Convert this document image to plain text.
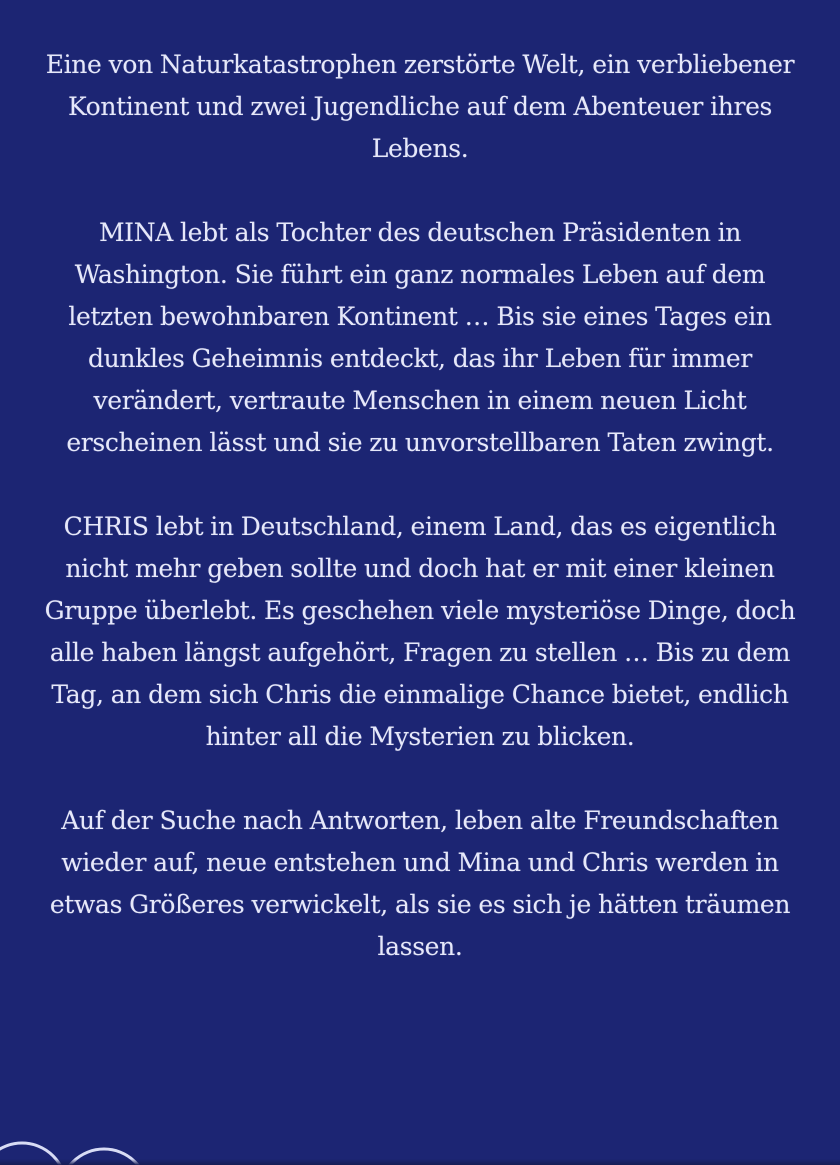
Eine von Naturkatastrophen zerstörte Welt, ein verbliebener
Kontinent und zwei Jugendliche auf dem Abenteuer ihres
Lebens.

MINA lebt als Tochter des deutschen Präsidenten in
Washington. Sie führt ein ganz normales Leben auf dem
letzten bewohnbaren Kontinent … Bis sie eines Tages ein
dunkles Geheimnis entdeckt, das ihr Leben für immer
verändert, vertraute Menschen in einem neuen Licht
erscheinen lässt und sie zu unvorstellbaren Taten zwingt.

CHRIS lebt in Deutschland, einem Land, das es eigentlich
nicht mehr geben sollte und doch hat er mit einer kleinen
Gruppe überlebt. Es geschehen viele mysteriöse Dinge, doch
alle haben längst aufgehört, Fragen zu stellen … Bis zu dem
Tag, an dem sich Chris die einmalige Chance bietet, endlich
hinter all die Mysterien zu blicken.

Auf der Suche nach Antworten, leben alte Freundschaften
wieder auf, neue entstehen und Mina und Chris werden in
etwas Größeres verwickelt, als sie es sich je hätten träumen
lassen.
